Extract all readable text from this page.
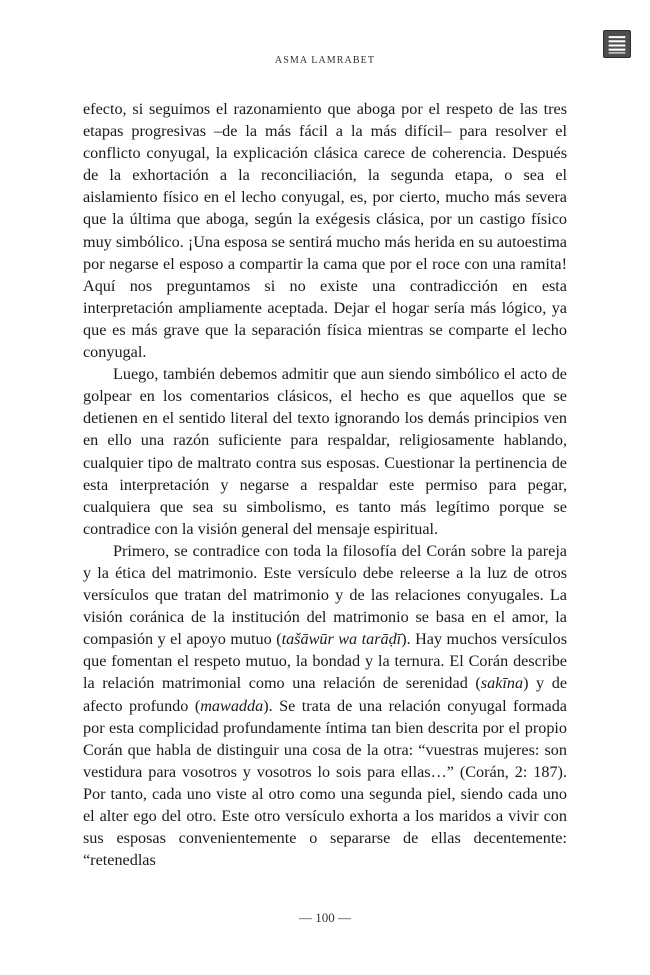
ASMA LAMRABET

efecto, si seguimos el razonamiento que aboga por el respeto de las tres etapas progresivas –de la más fácil a la más difícil– para resolver el conflicto conyugal, la explicación clásica carece de coherencia. Después de la exhortación a la reconciliación, la segunda etapa, o sea el aislamiento físico en el lecho conyugal, es, por cierto, mucho más severa que la última que aboga, según la exégesis clásica, por un castigo físico muy simbólico. ¡Una esposa se sentirá mucho más herida en su autoestima por negarse el esposo a compartir la cama que por el roce con una ramita! Aquí nos preguntamos si no existe una contradicción en esta interpretación ampliamente aceptada. Dejar el hogar sería más lógico, ya que es más grave que la separación física mientras se comparte el lecho conyugal.

Luego, también debemos admitir que aun siendo simbólico el acto de golpear en los comentarios clásicos, el hecho es que aquellos que se detienen en el sentido literal del texto ignorando los demás principios ven en ello una razón suficiente para respaldar, religiosamente hablando, cualquier tipo de maltrato contra sus esposas. Cuestionar la pertinencia de esta interpretación y negarse a respaldar este permiso para pegar, cualquiera que sea su simbolismo, es tanto más legítimo porque se contradice con la visión general del mensaje espiritual.

Primero, se contradice con toda la filosofía del Corán sobre la pareja y la ética del matrimonio. Este versículo debe releerse a la luz de otros versículos que tratan del matrimonio y de las relaciones conyugales. La visión coránica de la institución del matrimonio se basa en el amor, la compasión y el apoyo mutuo (tašāwūr wa tarāḍī). Hay muchos versículos que fomentan el respeto mutuo, la bondad y la ternura. El Corán describe la relación matrimonial como una relación de serenidad (sakīna) y de afecto profundo (mawadda). Se trata de una relación conyugal formada por esta complicidad profundamente íntima tan bien descrita por el propio Corán que habla de distinguir una cosa de la otra: “vuestras mujeres: son vestidura para vosotros y vosotros lo sois para ellas…” (Corán, 2: 187). Por tanto, cada uno viste al otro como una segunda piel, siendo cada uno el alter ego del otro. Este otro versículo exhorta a los maridos a vivir con sus esposas convenientemente o separarse de ellas decentemente: “retenedlas

— 100 —
